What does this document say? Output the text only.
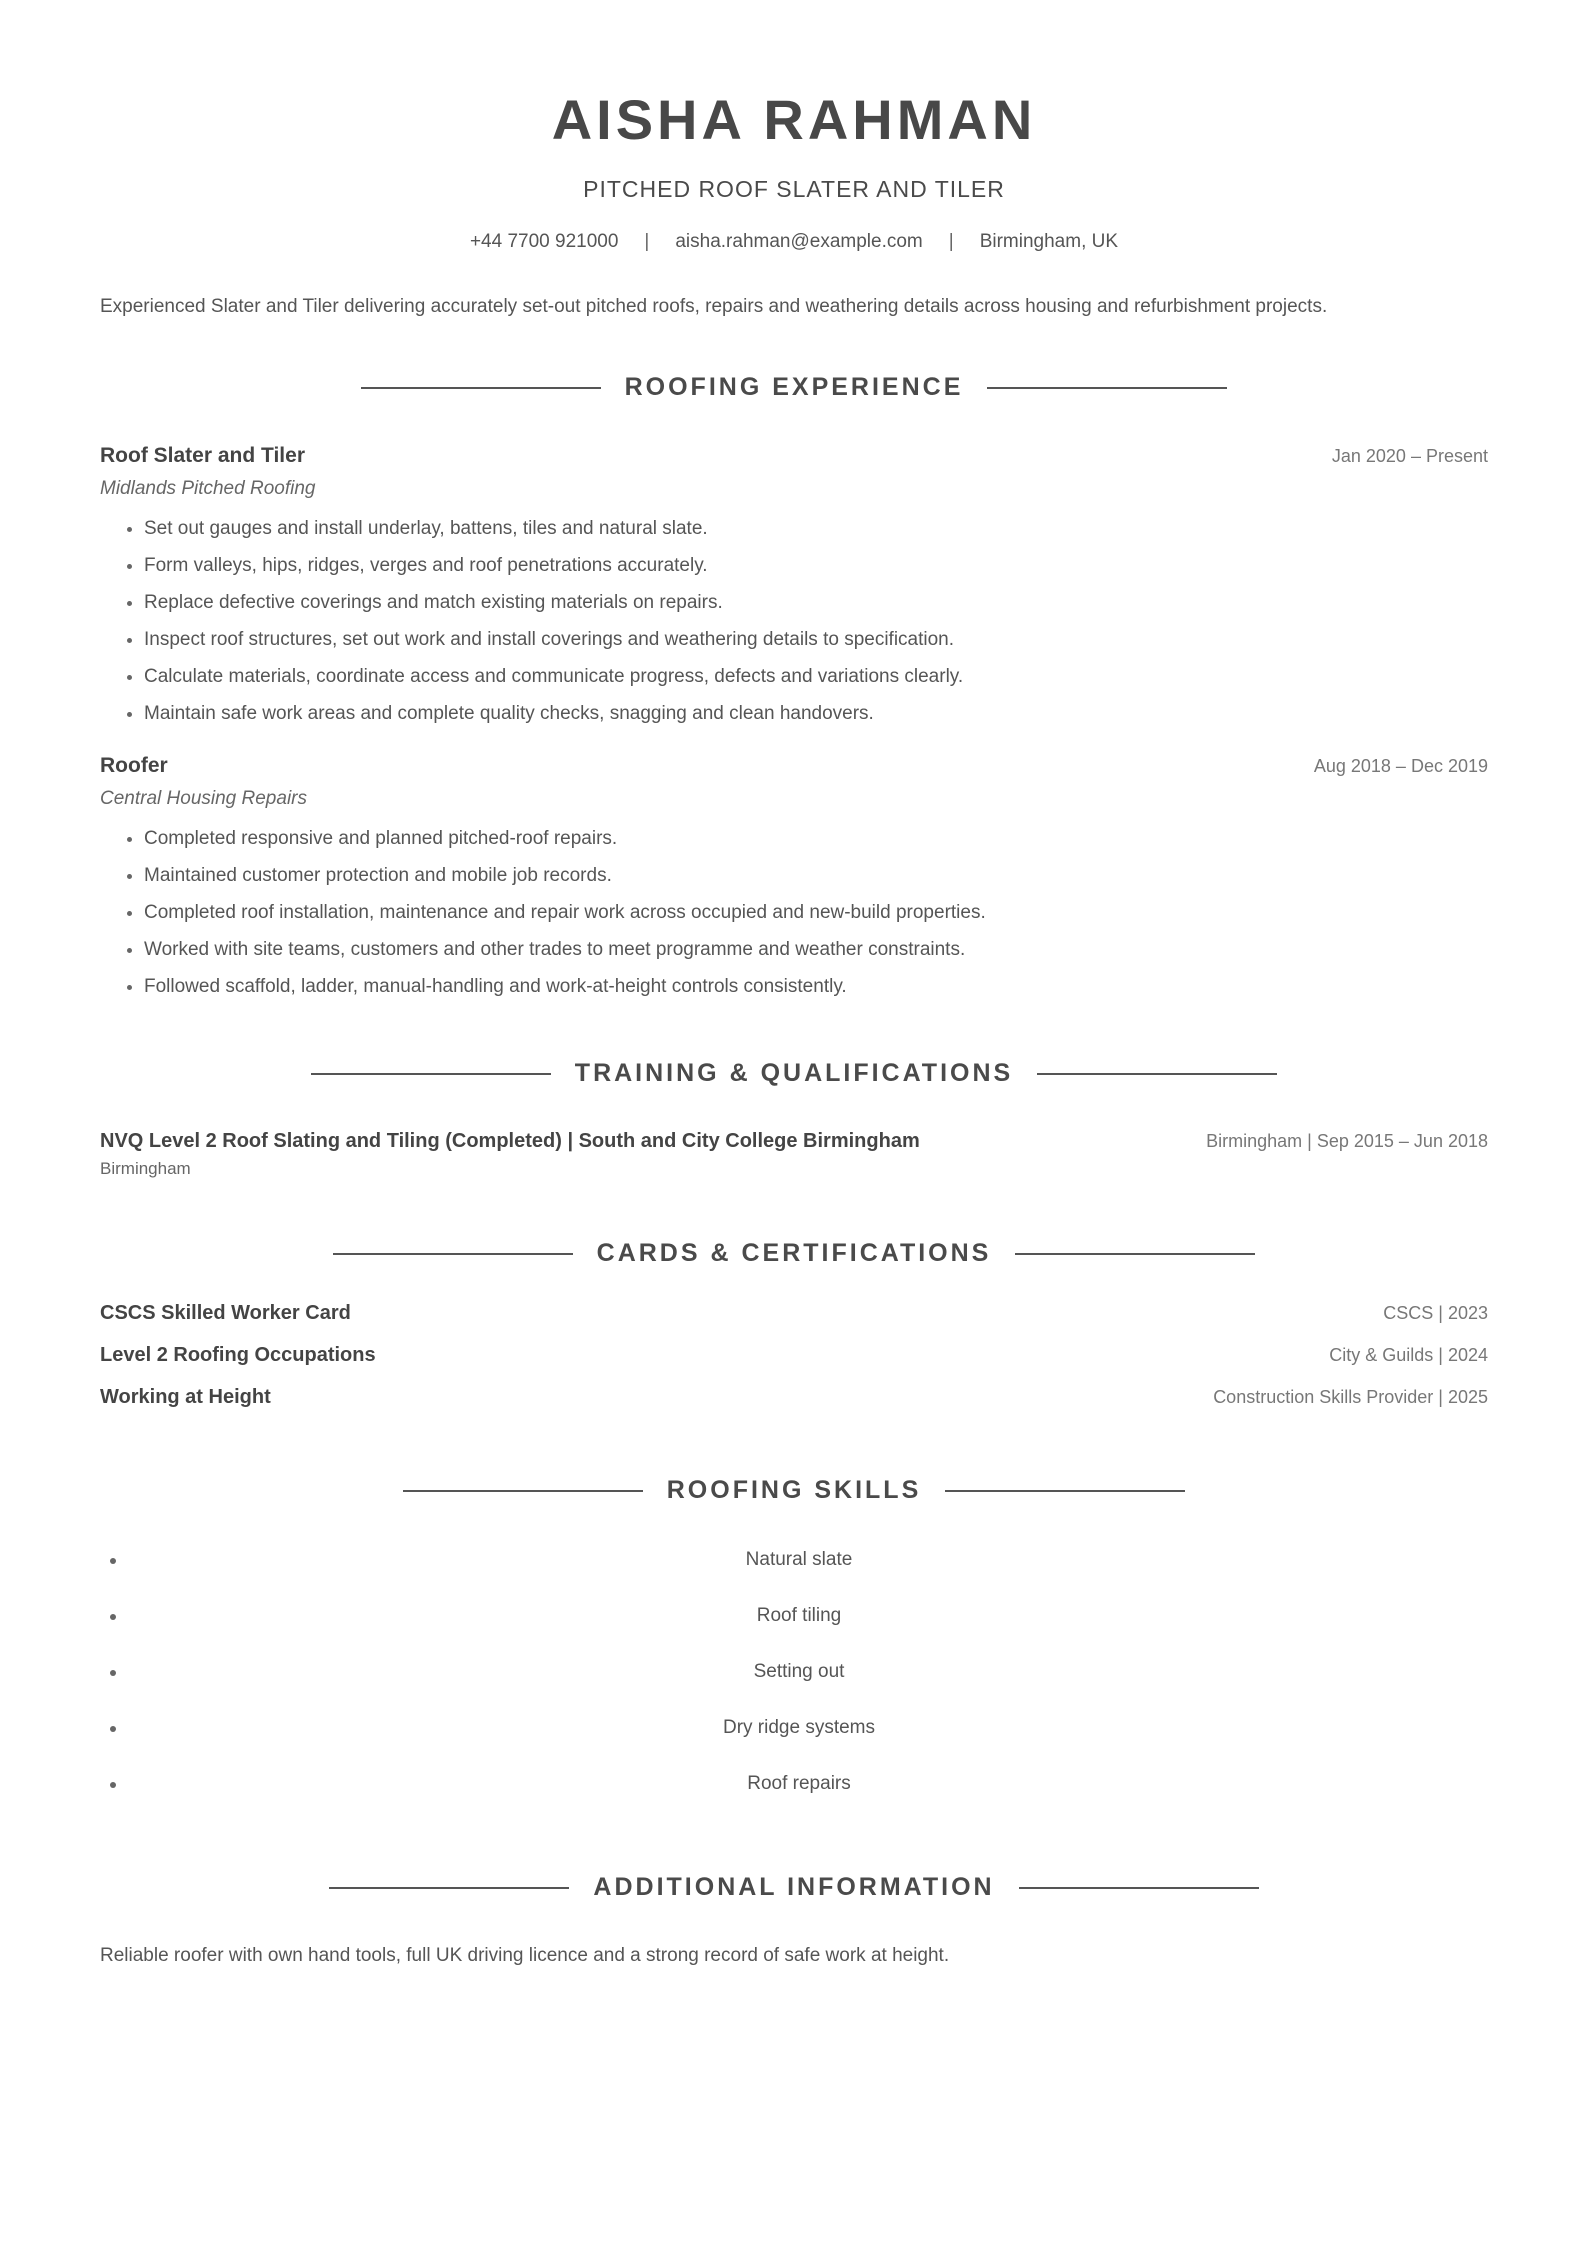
AISHA RAHMAN
PITCHED ROOF SLATER AND TILER
+44 7700 921000 | aisha.rahman@example.com | Birmingham, UK
Experienced Slater and Tiler delivering accurately set-out pitched roofs, repairs and weathering details across housing and refurbishment projects.
ROOFING EXPERIENCE
Roof Slater and Tiler	Jan 2020 – Present
Midlands Pitched Roofing
• Set out gauges and install underlay, battens, tiles and natural slate.
• Form valleys, hips, ridges, verges and roof penetrations accurately.
• Replace defective coverings and match existing materials on repairs.
• Inspect roof structures, set out work and install coverings and weathering details to specification.
• Calculate materials, coordinate access and communicate progress, defects and variations clearly.
• Maintain safe work areas and complete quality checks, snagging and clean handovers.
Roofer	Aug 2018 – Dec 2019
Central Housing Repairs
• Completed responsive and planned pitched-roof repairs.
• Maintained customer protection and mobile job records.
• Completed roof installation, maintenance and repair work across occupied and new-build properties.
• Worked with site teams, customers and other trades to meet programme and weather constraints.
• Followed scaffold, ladder, manual-handling and work-at-height controls consistently.
TRAINING & QUALIFICATIONS
NVQ Level 2 Roof Slating and Tiling (Completed) | South and City College Birmingham	Birmingham | Sep 2015 – Jun 2018
Birmingham
CARDS & CERTIFICATIONS
CSCS Skilled Worker Card	CSCS | 2023
Level 2 Roofing Occupations	City & Guilds | 2024
Working at Height	Construction Skills Provider | 2025
ROOFING SKILLS
Natural slate
Roof tiling
Setting out
Dry ridge systems
Roof repairs
ADDITIONAL INFORMATION
Reliable roofer with own hand tools, full UK driving licence and a strong record of safe work at height.
